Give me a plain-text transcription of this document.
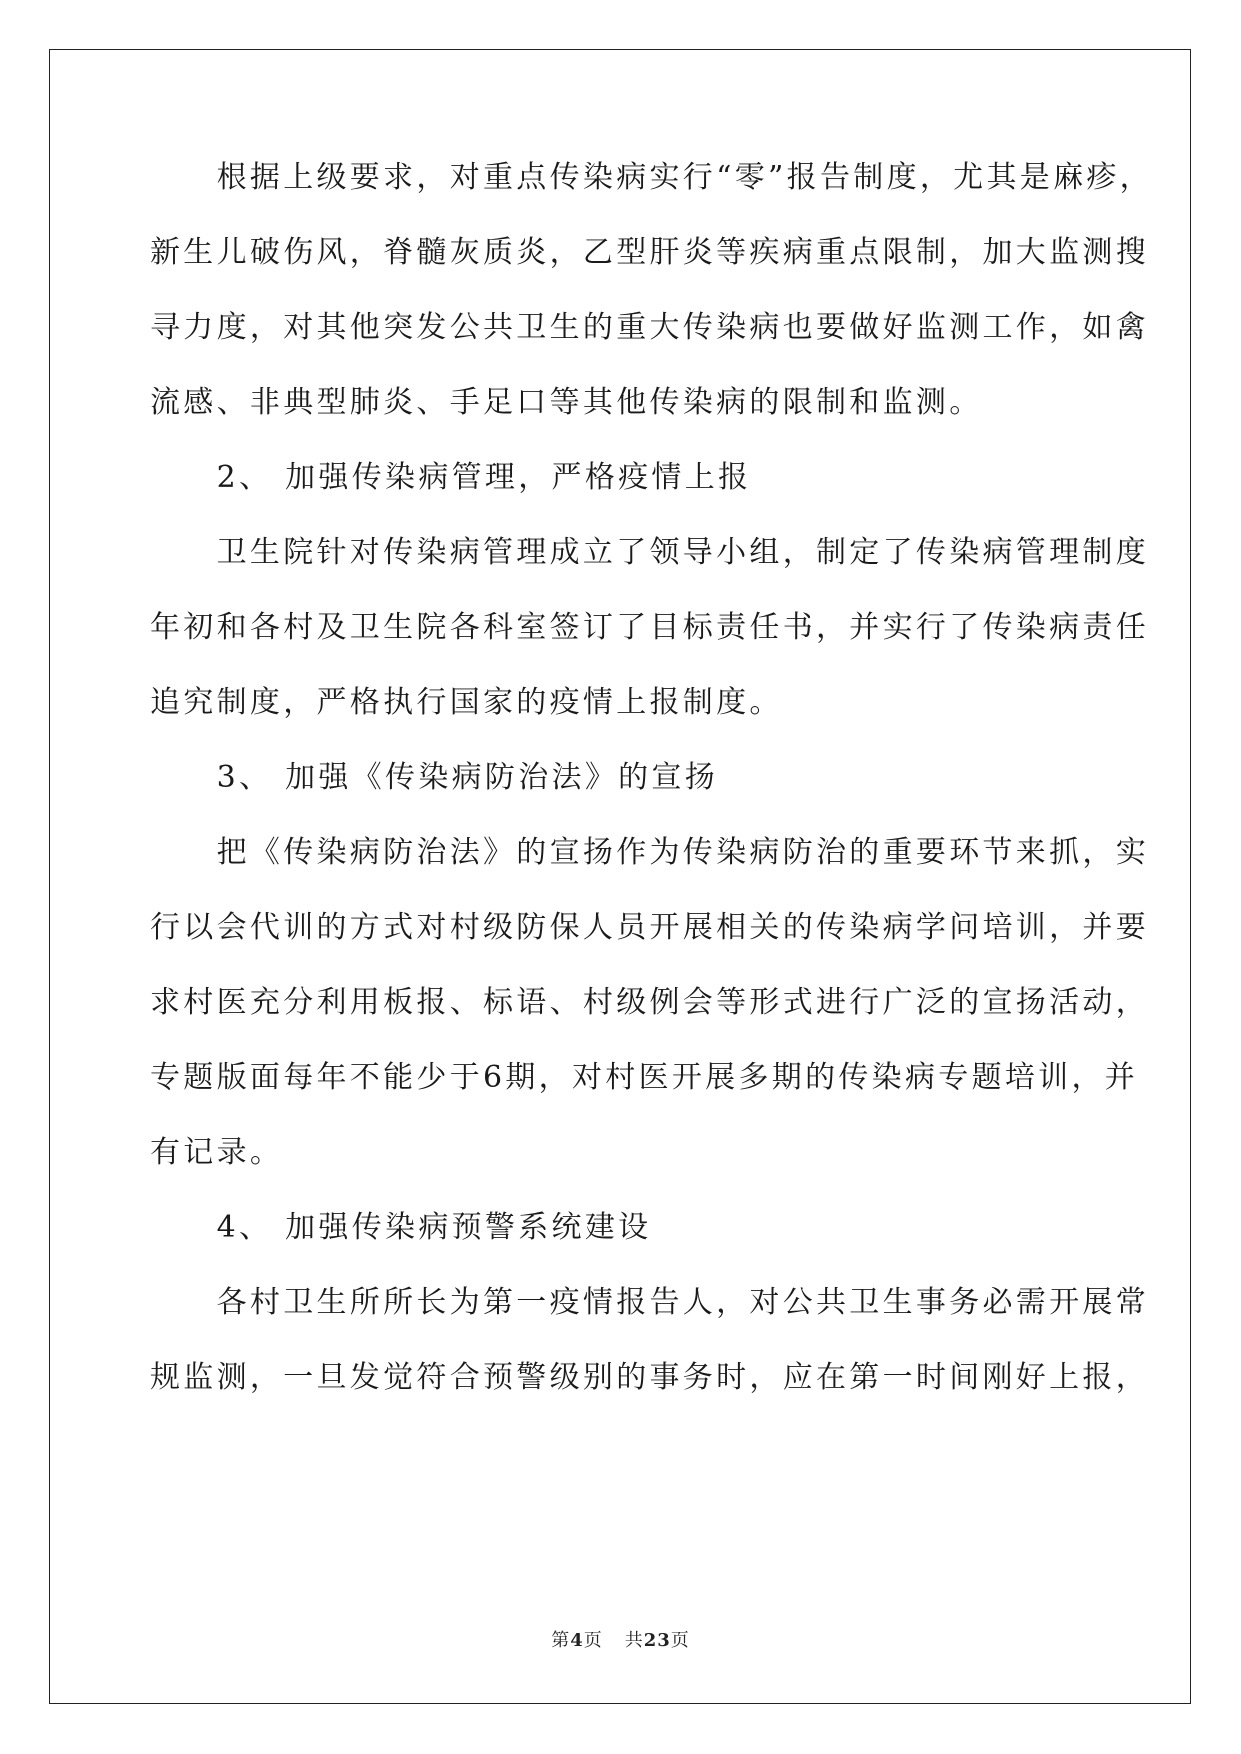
　　根据上级要求，对重点传染病实行“零”报告制度，尤其是麻疹，
新生儿破伤风，脊髓灰质炎，乙型肝炎等疾病重点限制，加大监测搜
寻力度，对其他突发公共卫生的重大传染病也要做好监测工作，如禽
流感、非典型肺炎、手足口等其他传染病的限制和监测。
　　2、 加强传染病管理，严格疫情上报
　　卫生院针对传染病管理成立了领导小组，制定了传染病管理制度
年初和各村及卫生院各科室签订了目标责任书，并实行了传染病责任
追究制度，严格执行国家的疫情上报制度。
　　3、 加强《传染病防治法》的宣扬
　　把《传染病防治法》的宣扬作为传染病防治的重要环节来抓，实
行以会代训的方式对村级防保人员开展相关的传染病学问培训，并要
求村医充分利用板报、标语、村级例会等形式进行广泛的宣扬活动，
专题版面每年不能少于6期，对村医开展多期的传染病专题培训，并
有记录。
　　4、 加强传染病预警系统建设
　　各村卫生所所长为第一疫情报告人，对公共卫生事务必需开展常
规监测，一旦发觉符合预警级别的事务时，应在第一时间刚好上报，
第4页 共23页
